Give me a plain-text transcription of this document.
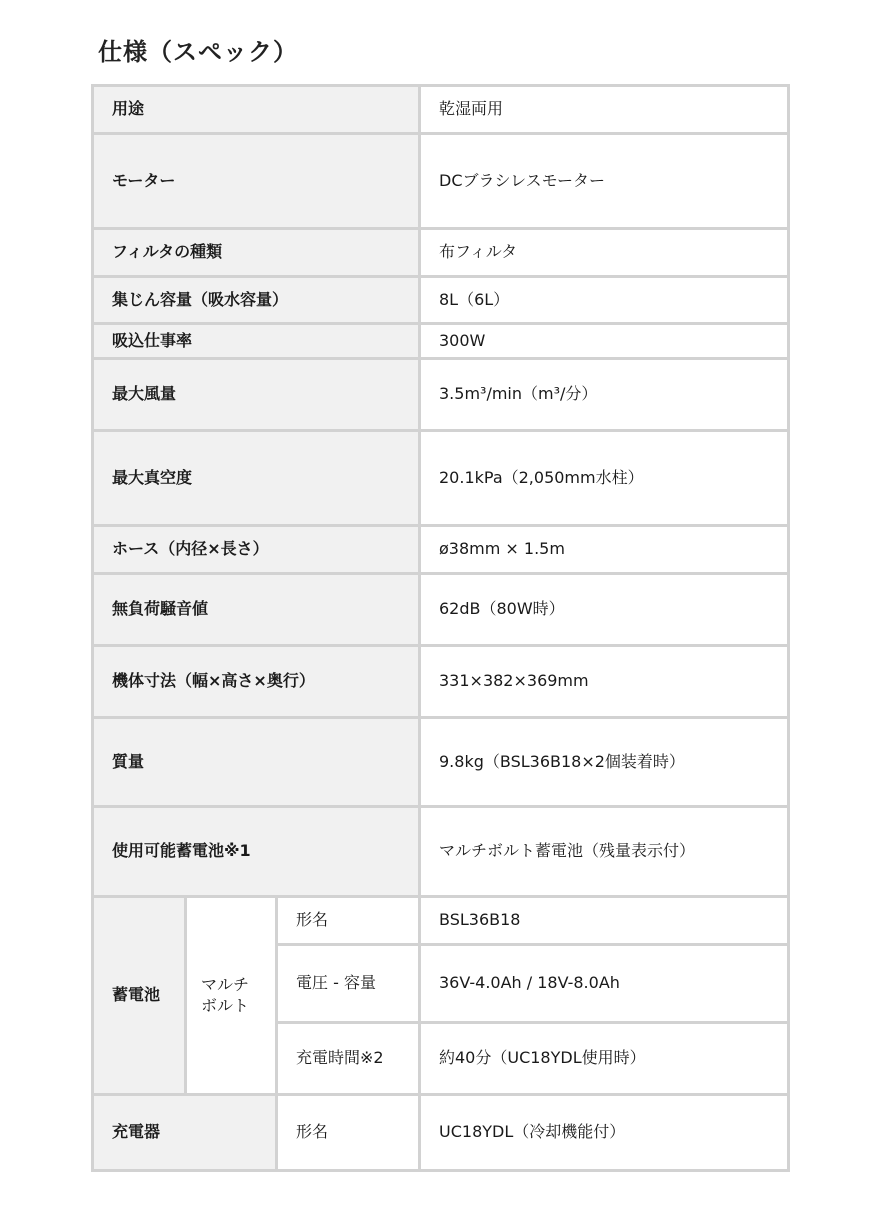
仕様（スペック）
用途			乾湿両用
モーター			DCブラシレスモーター
フィルタの種類			布フィルタ
集じん容量（吸水容量）			8L（6L）
吸込仕事率			300W
最大風量			3.5m³/min（m³/分）
最大真空度			20.1kPa（2,050mm水柱）
ホース（内径×長さ）			ø38mm × 1.5m
無負荷騒音値			62dB（80W時）
機体寸法（幅×高さ×奥行）			331×382×369mm
質量			9.8kg（BSL36B18×2個装着時）
使用可能蓄電池※1			マルチボルト蓄電池（残量表示付）
蓄電池	マルチボルト	形名	BSL36B18
		電圧 - 容量	36V-4.0Ah / 18V-8.0Ah
		充電時間※2	約40分（UC18YDL使用時）
充電器		形名	UC18YDL（冷却機能付）
